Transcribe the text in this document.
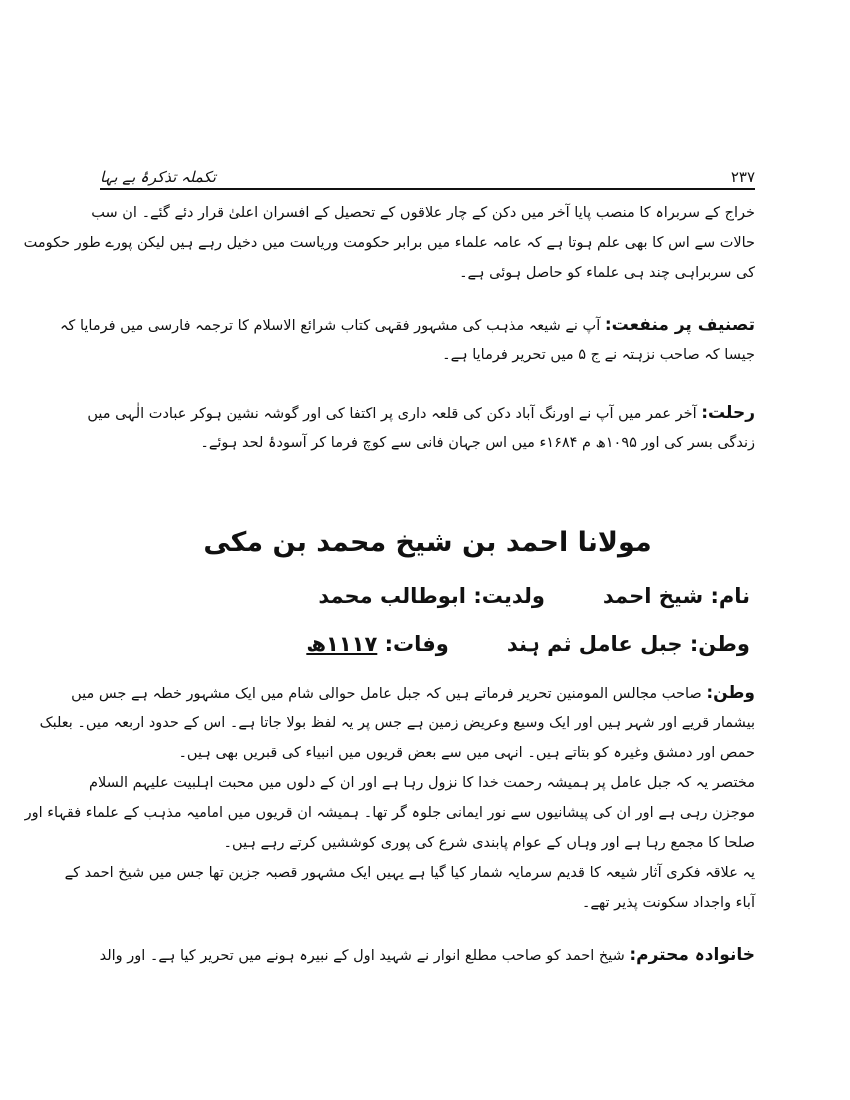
۲۳۷
تکملہ تذکرۂ بے بہا
خراج کے سربراہ کا منصب پایا آخر میں دکن کے چار علاقوں کے تحصیل کے افسران اعلیٰ قرار دئے گئے۔ ان سب
حالات سے اس کا بھی علم ہوتا ہے کہ عامہ علماء میں برابر حکومت وریاست میں دخیل رہے ہیں لیکن پورے طور حکومت
کی سربراہی چند ہی علماء کو حاصل ہوئی ہے۔
تصنیف پر منفعت: آپ نے شیعہ مذہب کی مشہور فقہی کتاب شرائع الاسلام کا ترجمہ فارسی میں فرمایا کہ
جیسا کہ صاحب نزہتہ نے ج ۵ میں تحریر فرمایا ہے۔
رحلت: آخر عمر میں آپ نے اورنگ آباد دکن کی قلعہ داری پر اکتفا کی اور گوشہ نشین ہوکر عبادت الٰہی میں
زندگی بسر کی اور ۱۰۹۵ھ م ۱۶۸۴ء میں اس جہان فانی سے کوچ فرما کر آسودۂ لحد ہوئے۔
مولانا احمد بن شیخ محمد بن مکی
نام: شیخ احمد
ولدیت: ابوطالب محمد
وطن: جبل عامل ثم ہند
وفات: ۱۱۱۷ھ
وطن: صاحب مجالس المومنین تحریر فرماتے ہیں کہ جبل عامل حوالی شام میں ایک مشہور خطہ ہے جس میں
بیشمار قریے اور شہر ہیں اور ایک وسیع وعریض زمین ہے جس پر یہ لفظ بولا جاتا ہے۔ اس کے حدود اربعہ میں۔ بعلبک
حمص اور دمشق وغیرہ کو بتاتے ہیں۔ انہی میں سے بعض قریوں میں انبیاء کی قبریں بھی ہیں۔
مختصر یہ کہ جبل عامل پر ہمیشہ رحمت خدا کا نزول رہا ہے اور ان کے دلوں میں محبت اہلبیت علیہم السلام
موجزن رہی ہے اور ان کی پیشانیوں سے نور ایمانی جلوہ گر تھا۔ ہمیشہ ان قریوں میں امامیہ مذہب کے علماء فقہاء اور
صلحا کا مجمع رہا ہے اور وہاں کے عوام پابندی شرع کی پوری کوششیں کرتے رہے ہیں۔
یہ علاقہ فکری آثار شیعہ کا قدیم سرمایہ شمار کیا گیا ہے یہیں ایک مشہور قصبہ جزین تھا جس میں شیخ احمد کے
آباء واجداد سکونت پذیر تھے۔
خانوادہ محترم: شیخ احمد کو صاحب مطلع انوار نے شہید اول کے نبیرہ ہونے میں تحریر کیا ہے۔ اور والد
